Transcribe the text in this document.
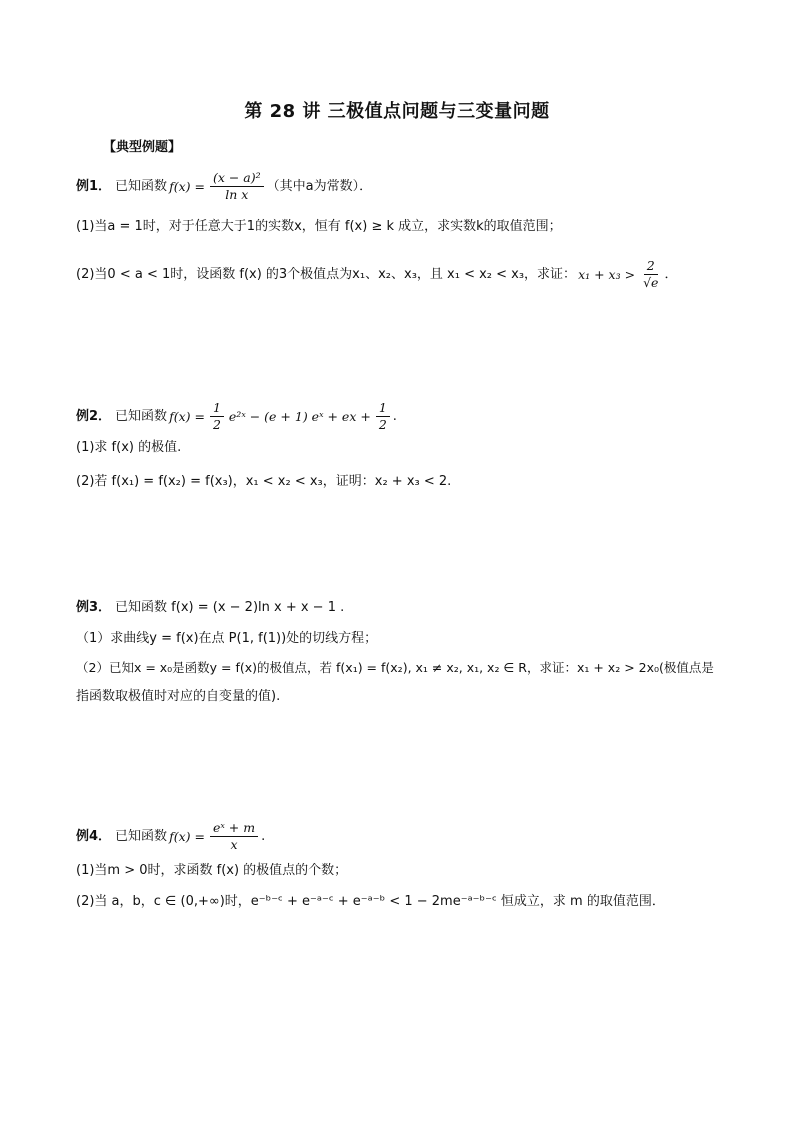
第 28 讲 三极值点问题与三变量问题
【典型例题】
例1． 已知函数 $f(x) = \frac{\text{(x − a)²}}{\text{ln x}}$ （其中a为常数）．
(1)当a = 1时，对于任意大于1的实数x，恒有 f(x) ≥ k 成立，求实数k的取值范围；
(2)当0 < a < 1时，设函数 f(x) 的3个极值点为x₁、x₂、x₃，且 x₁ < x₂ < x₃，求证： $x_1 + x_3 > \frac{2}{√e}$ ．
例2． 已知函数 $f(x) = \frac{1}{2}$ e²ˣ − (e + 1) eˣ + ex + $\frac{1}{2}$ .
(1)求 f(x) 的极值.
(2)若 f(x₁) = f(x₂) = f(x₃)，x₁ < x₂ < x₃，证明：x₂ + x₃ < 2.
例3． 已知函数 f(x) = (x − 2)ln x + x − 1 .
（1）求曲线y = f(x)在点 P(1, f(1))处的切线方程；
（2）已知x = x₀是函数y = f(x)的极值点，若 f(x₁) = f(x₂), x₁ ≠ x₂, x₁, x₂ ∈ R，求证：x₁ + x₂ > 2x₀(极值点是
指函数取极值时对应的自变量的值).
例4． 已知函数 $f(x) = \frac{\text{eˣ + m}}{x}$ .
(1)当m > 0时，求函数 f(x) 的极值点的个数；
(2)当 a，b，c ∈ (0,+∞)时，e⁻ᵇ⁻ᶜ + e⁻ᵃ⁻ᶜ + e⁻ᵃ⁻ᵇ < 1 − 2me⁻ᵃ⁻ᵇ⁻ᶜ 恒成立，求 m 的取值范围．
